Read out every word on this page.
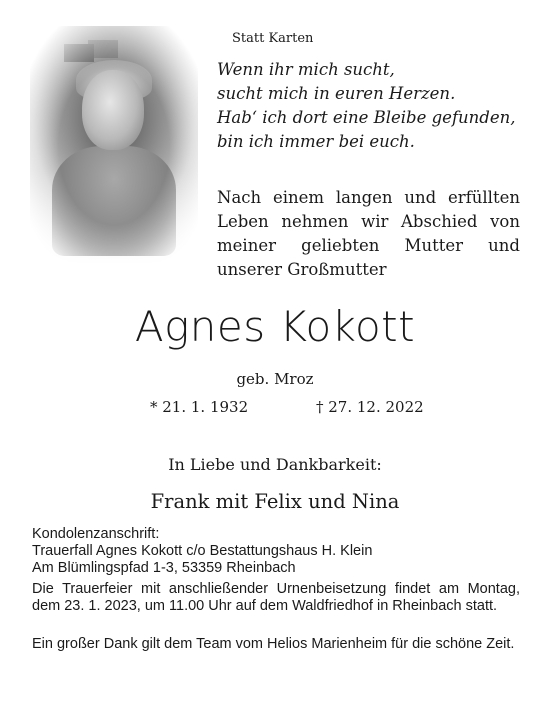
Statt Karten
Wenn ihr mich sucht,
sucht mich in euren Herzen.
Hab‘ ich dort eine Bleibe gefunden,
bin ich immer bei euch.
Nach einem langen und erfüllten Leben nehmen wir Abschied von meiner geliebten Mutter und unserer Großmutter
Agnes Kokott
geb. Mroz
* 21. 1. 1932	† 27. 12. 2022
In Liebe und Dankbarkeit:
Frank mit Felix und Nina
Kondolenzanschrift:
Trauerfall Agnes Kokott c/o Bestattungshaus H. Klein
Am Blümlingspfad 1-3, 53359 Rheinbach
Die Trauerfeier mit anschließender Urnenbeisetzung findet am Montag, dem 23. 1. 2023, um 11.00 Uhr auf dem Waldfriedhof in Rheinbach statt.
Ein großer Dank gilt dem Team vom Helios Marienheim für die schöne Zeit.
